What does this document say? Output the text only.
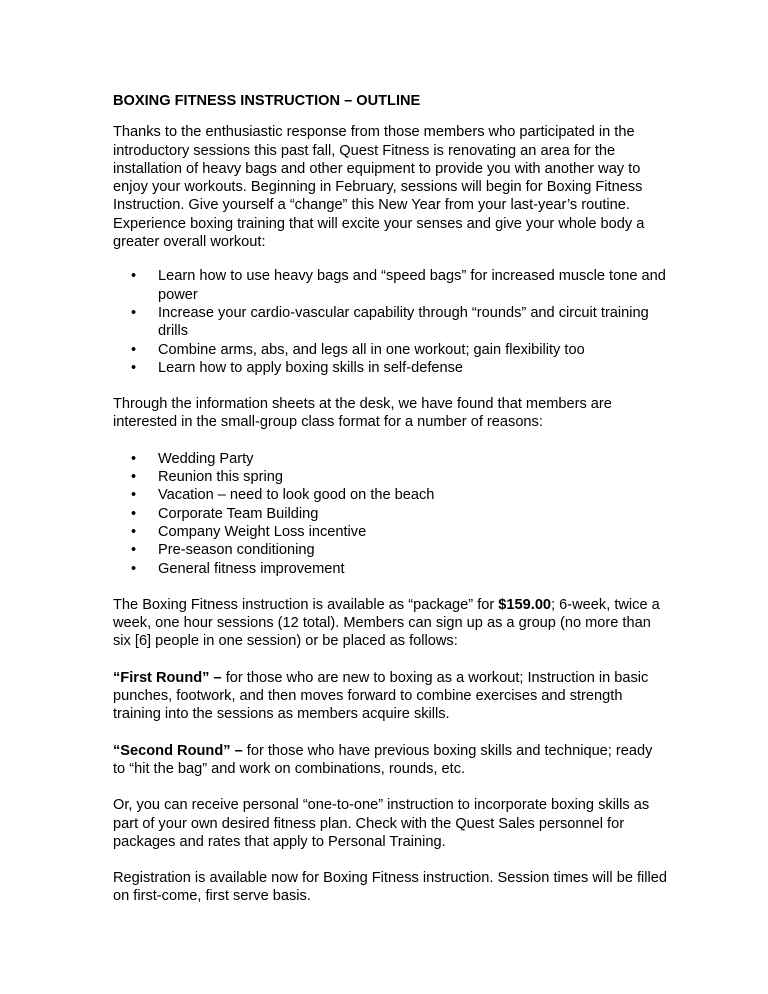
BOXING FITNESS INSTRUCTION – OUTLINE

Thanks to the enthusiastic response from those members who participated in the introductory sessions this past fall, Quest Fitness is renovating an area for the installation of heavy bags and other equipment to provide you with another way to enjoy your workouts. Beginning in February, sessions will begin for Boxing Fitness Instruction. Give yourself a “change” this New Year from your last-year’s routine. Experience boxing training that will excite your senses and give your whole body a greater overall workout:

• Learn how to use heavy bags and “speed bags” for increased muscle tone and power
• Increase your cardio-vascular capability through “rounds” and circuit training drills
• Combine arms, abs, and legs all in one workout; gain flexibility too
• Learn how to apply boxing skills in self-defense

Through the information sheets at the desk, we have found that members are interested in the small-group class format for a number of reasons:

• Wedding Party
• Reunion this spring
• Vacation – need to look good on the beach
• Corporate Team Building
• Company Weight Loss incentive
• Pre-season conditioning
• General fitness improvement

The Boxing Fitness instruction is available as “package” for $159.00; 6-week, twice a week, one hour sessions (12 total). Members can sign up as a group (no more than six [6] people in one session) or be placed as follows:

“First Round” – for those who are new to boxing as a workout; Instruction in basic punches, footwork, and then moves forward to combine exercises and strength training into the sessions as members acquire skills.

“Second Round” – for those who have previous boxing skills and technique; ready to “hit the bag” and work on combinations, rounds, etc.

Or, you can receive personal “one-to-one” instruction to incorporate boxing skills as part of your own desired fitness plan. Check with the Quest Sales personnel for packages and rates that apply to Personal Training.

Registration is available now for Boxing Fitness instruction. Session times will be filled on first-come, first serve basis.
